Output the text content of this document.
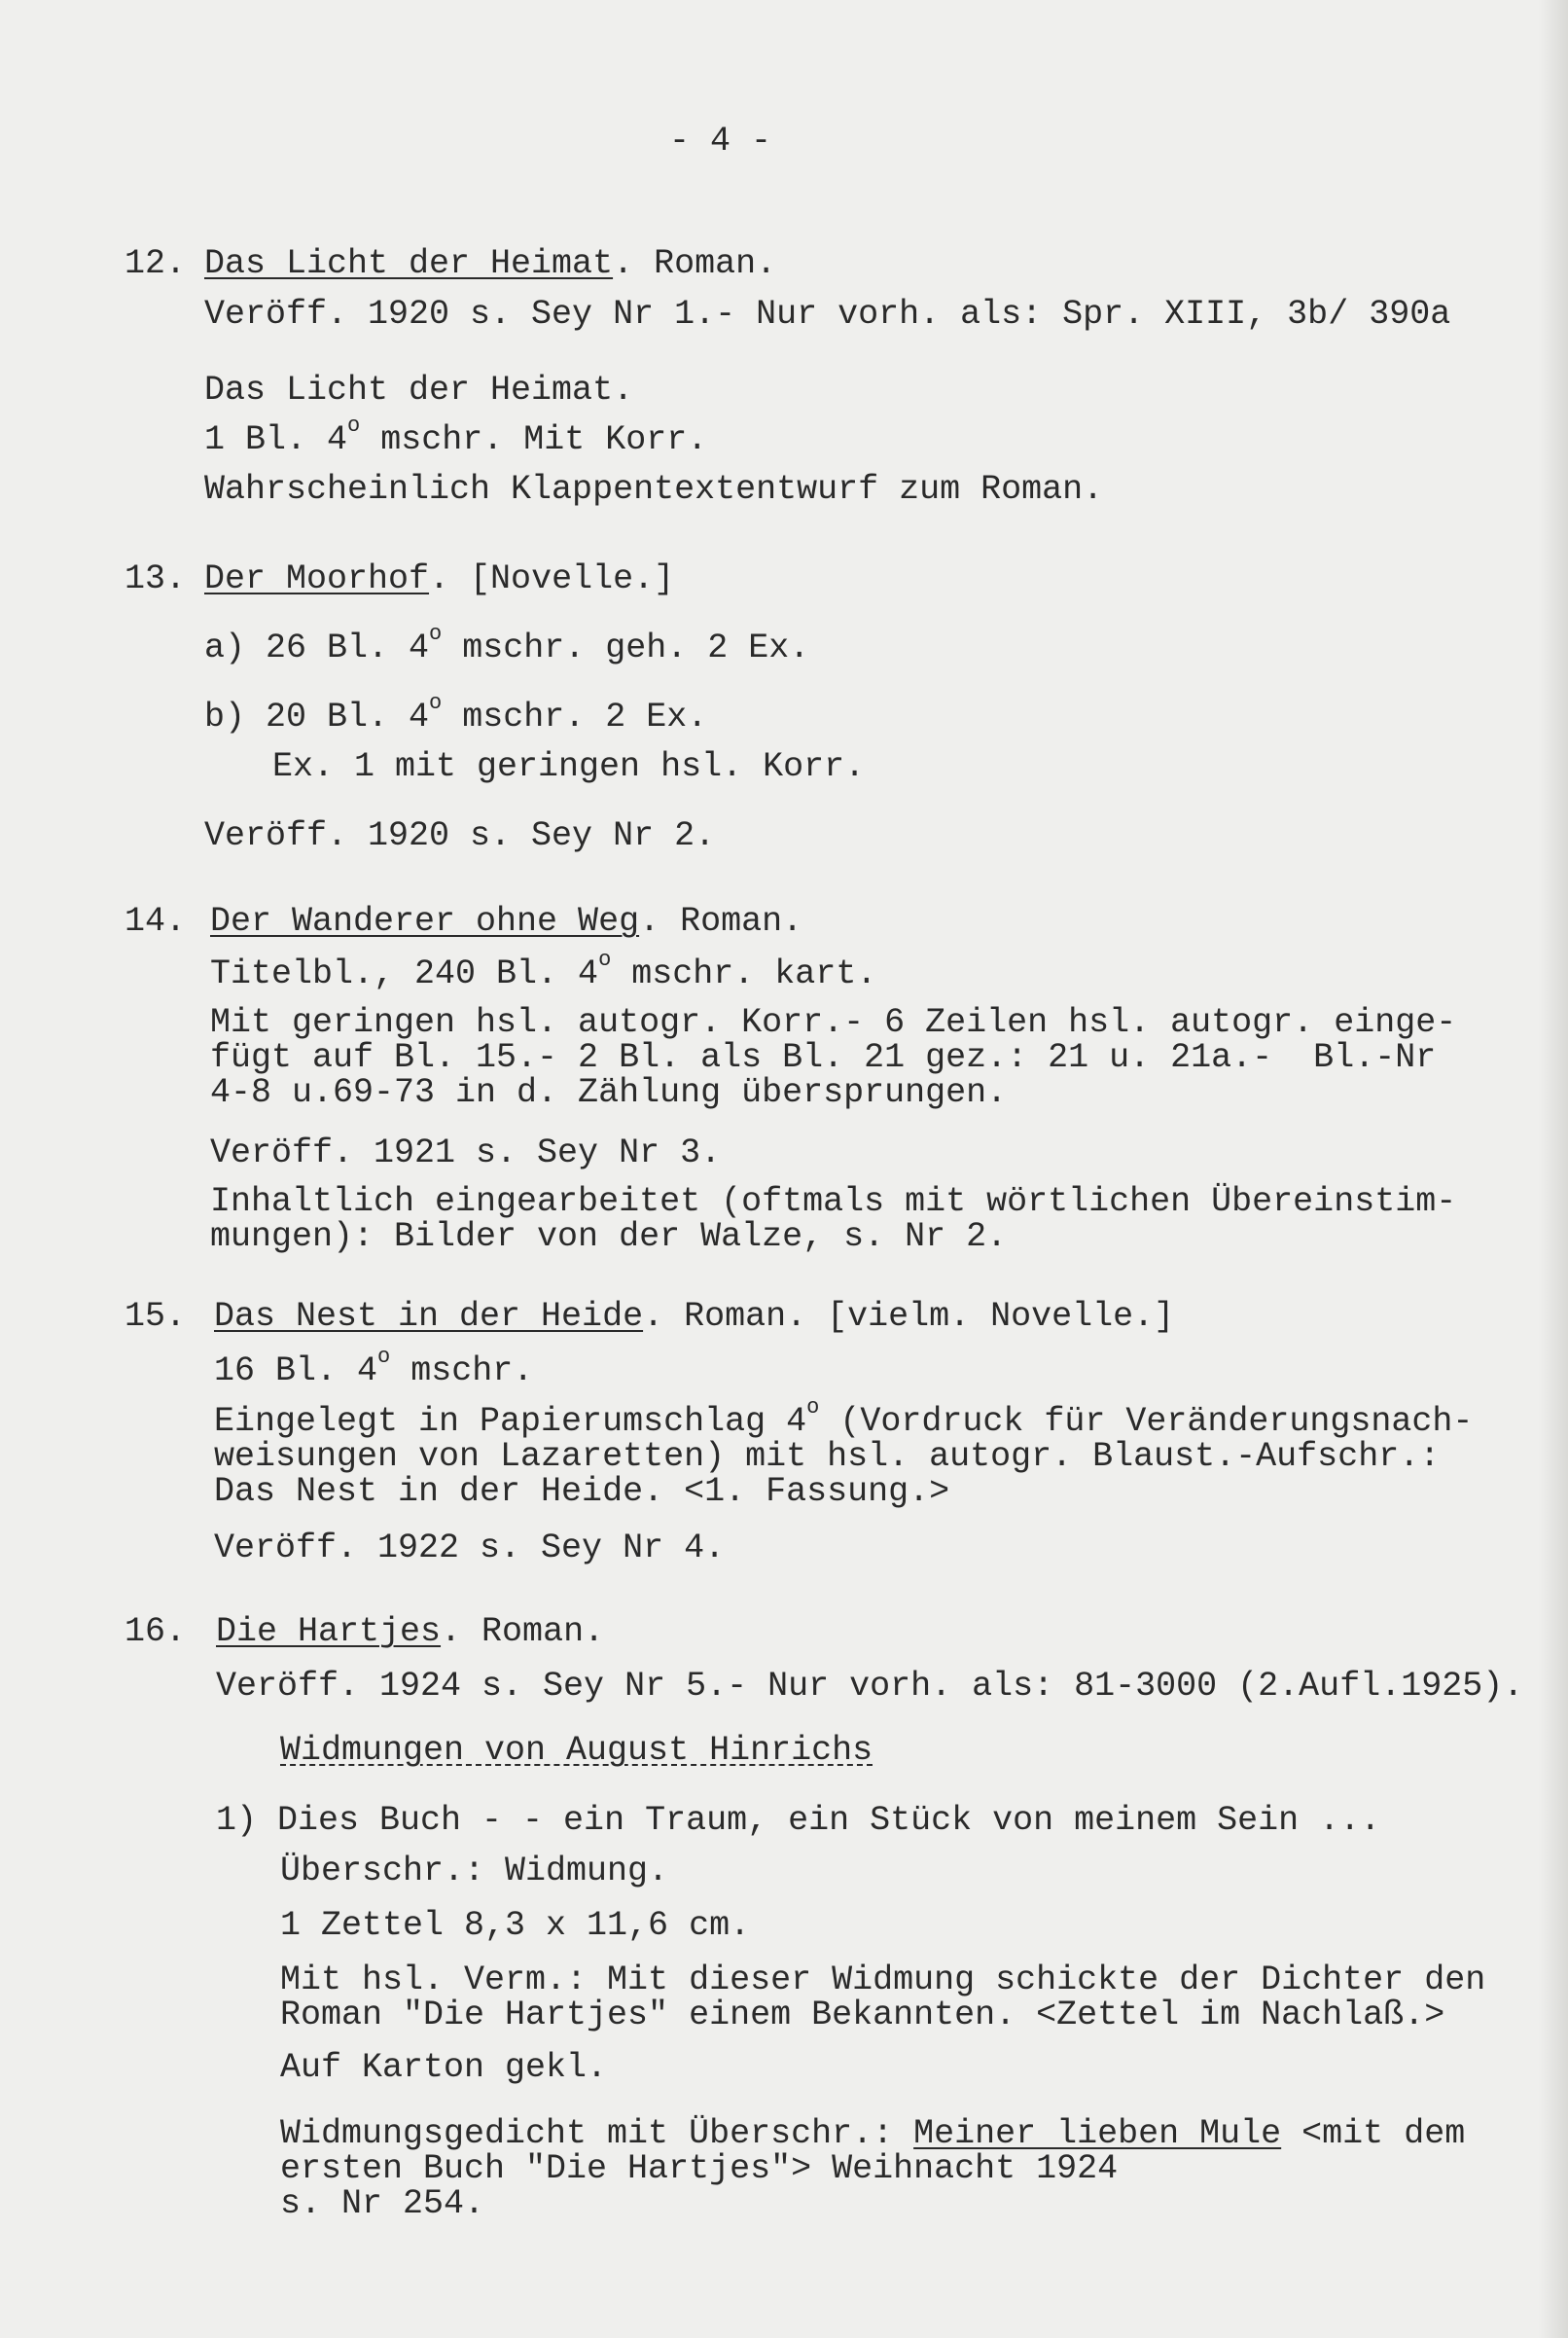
- 4 -
12. Das Licht der Heimat. Roman.
Veröff. 1920 s. Sey Nr 1.- Nur vorh. als: Spr. XIII, 3b/ 390a
Das Licht der Heimat.
1 Bl. 4$^o$ mschr. Mit Korr.
Wahrscheinlich Klappentextentwurf zum Roman.
13. Der Moorhof. [Novelle.]
a) 26 Bl. 4$^o$ mschr. geh. 2 Ex.
b) 20 Bl. 4$^o$ mschr. 2 Ex.
Ex. 1 mit geringen hsl. Korr.
Veröff. 1920 s. Sey Nr 2.
14. Der Wanderer ohne Weg. Roman.
Titelbl., 240 Bl. 4$^o$ mschr. kart.
Mit geringen hsl. autogr. Korr.- 6 Zeilen hsl. autogr. einge-
fügt auf Bl. 15.- 2 Bl. als Bl. 21 gez.: 21 u. 21a.-  Bl.-Nr
4-8 u.69-73 in d. Zählung übersprungen.
Veröff. 1921 s. Sey Nr 3.
Inhaltlich eingearbeitet (oftmals mit wörtlichen Übereinstim-
mungen): Bilder von der Walze, s. Nr 2.
15. Das Nest in der Heide. Roman. [vielm. Novelle.]
16 Bl. 4$^o$ mschr.
Eingelegt in Papierumschlag 4$^o$ (Vordruck für Veränderungsnach-
weisungen von Lazaretten) mit hsl. autogr. Blaust.-Aufschr.:
Das Nest in der Heide. <1. Fassung.>
Veröff. 1922 s. Sey Nr 4.
16. Die Hartjes. Roman.
Veröff. 1924 s. Sey Nr 5.- Nur vorh. als: 81-3000 (2.Aufl.1925).
Widmungen von August Hinrichs
1) Dies Buch - - ein Traum, ein Stück von meinem Sein ...
Überschr.: Widmung.
1 Zettel 8,3 x 11,6 cm.
Mit hsl. Verm.: Mit dieser Widmung schickte der Dichter den
Roman "Die Hartjes" einem Bekannten. <Zettel im Nachlaß.>
Auf Karton gekl.
Widmungsgedicht mit Überschr.: Meiner lieben Mule <mit dem
ersten Buch "Die Hartjes"> Weihnacht 1924
s. Nr 254.
